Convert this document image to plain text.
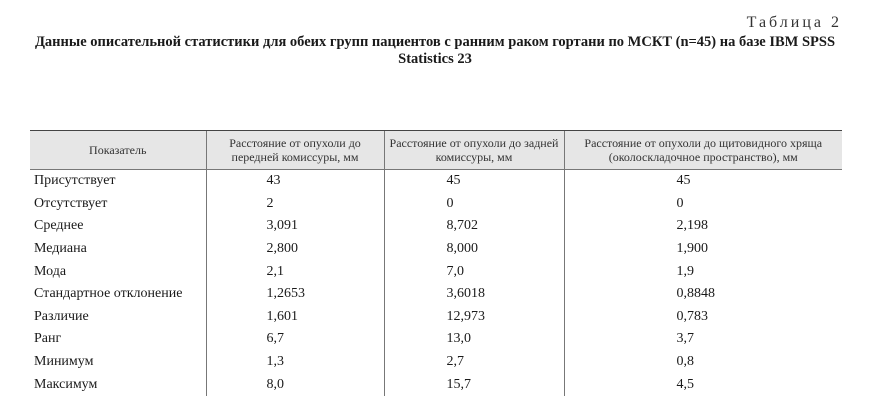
Таблица 2
Данные описательной статистики для обеих групп пациентов с ранним раком гортани по МСКТ (n=45) на базе IBM SPSS Statistics 23
Показатель	Расстояние от опухоли до передней комиссуры, мм	Расстояние от опухоли до задней комиссуры, мм	Расстояние от опухоли до щитовидного хряща (околоскладочное пространство), мм
Присутствует	43	45	45
Отсутствует	2	0	0
Среднее	3,091	8,702	2,198
Медиана	2,800	8,000	1,900
Мода	2,1	7,0	1,9
Стандартное отклонение	1,2653	3,6018	0,8848
Различие	1,601	12,973	0,783
Ранг	6,7	13,0	3,7
Минимум	1,3	2,7	0,8
Максимум	8,0	15,7	4,5
